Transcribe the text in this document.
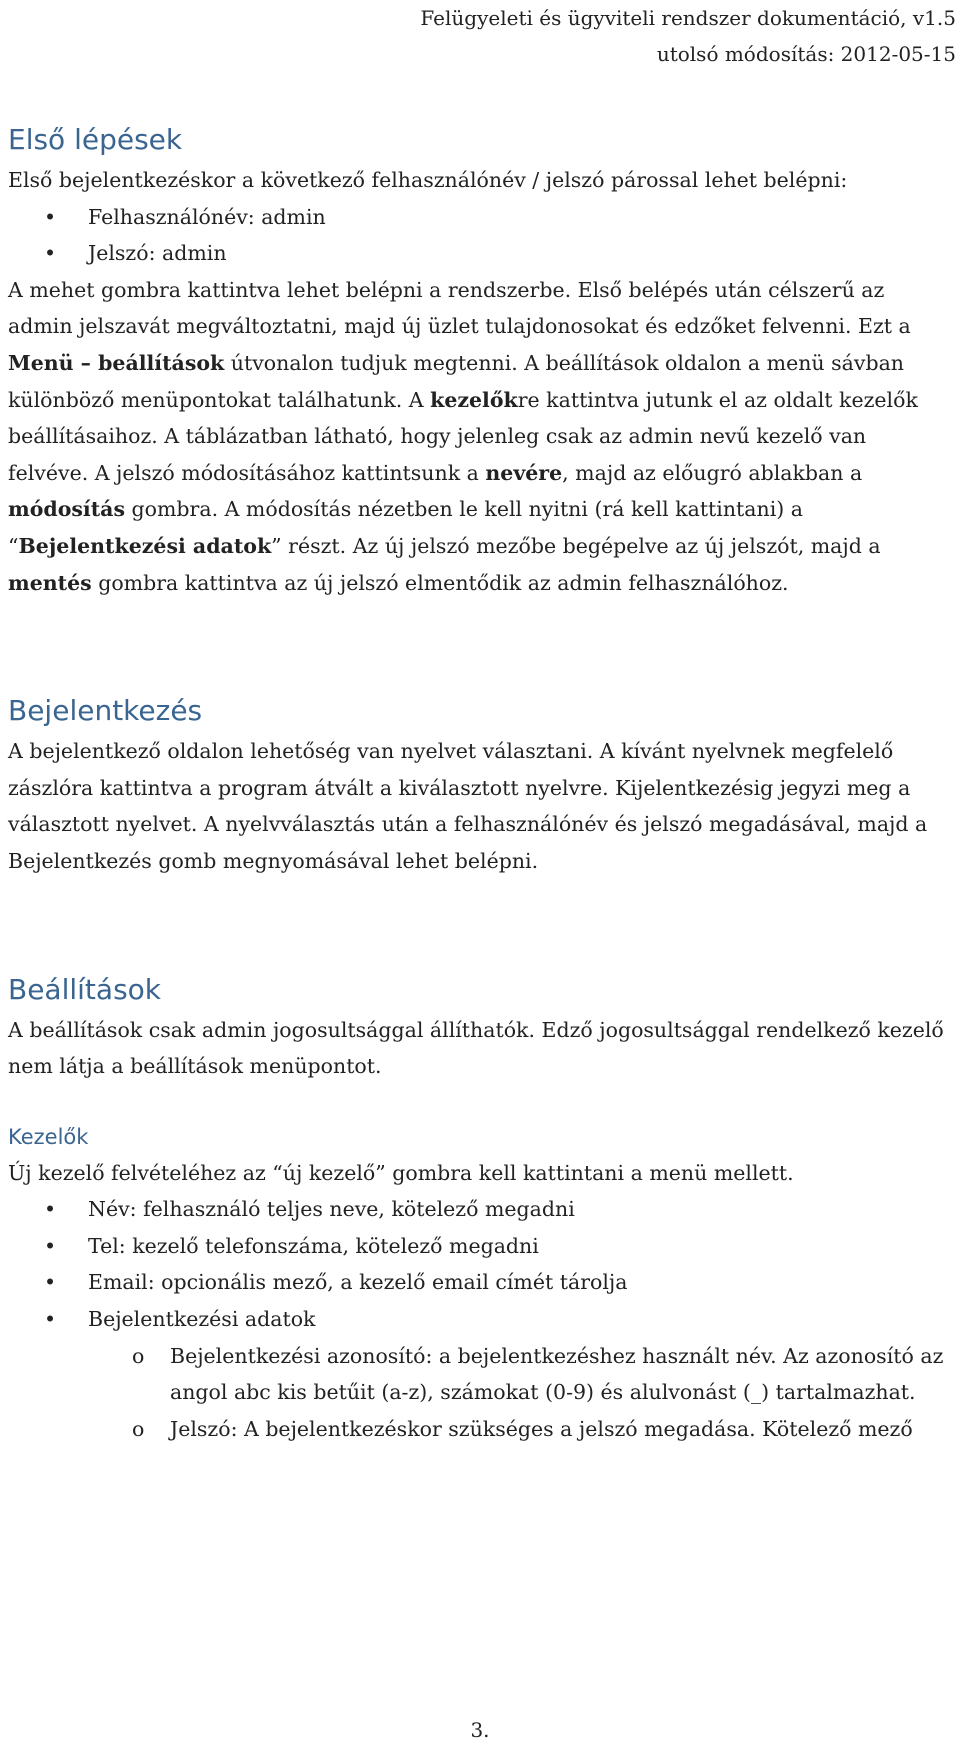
Felügyeleti és ügyviteli rendszer dokumentáció, v1.5
utolsó módosítás: 2012-05-15
Első lépések

Első bejelentkezéskor a következő felhasználónév / jelszó párossal lehet belépni:

• Felhasználónév: admin
• Jelszó: admin

A mehet gombra kattintva lehet belépni a rendszerbe. Első belépés után célszerű az admin jelszavát megváltoztatni, majd új üzlet tulajdonosokat és edzőket felvenni. Ezt a Menü – beállítások útvonalon tudjuk megtenni. A beállítások oldalon a menü sávban különböző menüpontokat találhatunk. A kezelőkre kattintva jutunk el az oldalt kezelők beállításaihoz. A táblázatban látható, hogy jelenleg csak az admin nevű kezelő van felvéve. A jelszó módosításához kattintsunk a nevére, majd az előugró ablakban a módosítás gombra. A módosítás nézetben le kell nyitni (rá kell kattintani) a “Bejelentkezési adatok” részt. Az új jelszó mezőbe begépelve az új jelszót, majd a mentés gombra kattintva az új jelszó elmentődik az admin felhasználóhoz.

Bejelentkezés

A bejelentkező oldalon lehetőség van nyelvet választani. A kívánt nyelvnek megfelelő zászlóra kattintva a program átvált a kiválasztott nyelvre. Kijelentkezésig jegyzi meg a választott nyelvet. A nyelvválasztás után a felhasználónév és jelszó megadásával, majd a Bejelentkezés gomb megnyomásával lehet belépni.

Beállítások

A beállítások csak admin jogosultsággal állíthatók. Edző jogosultsággal rendelkező kezelő nem látja a beállítások menüpontot.

Kezelők

Új kezelő felvételéhez az “új kezelő” gombra kell kattintani a menü mellett.

• Név: felhasználó teljes neve, kötelező megadni
• Tel: kezelő telefonszáma, kötelező megadni
• Email: opcionális mező, a kezelő email címét tárolja
• Bejelentkezési adatok
o Bejelentkezési azonosító: a bejelentkezéshez használt név. Az azonosító az angol abc kis betűit (a-z), számokat (0-9) és alulvonást (_) tartalmazhat.
o Jelszó: A bejelentkezéskor szükséges a jelszó megadása. Kötelező mező
3.
